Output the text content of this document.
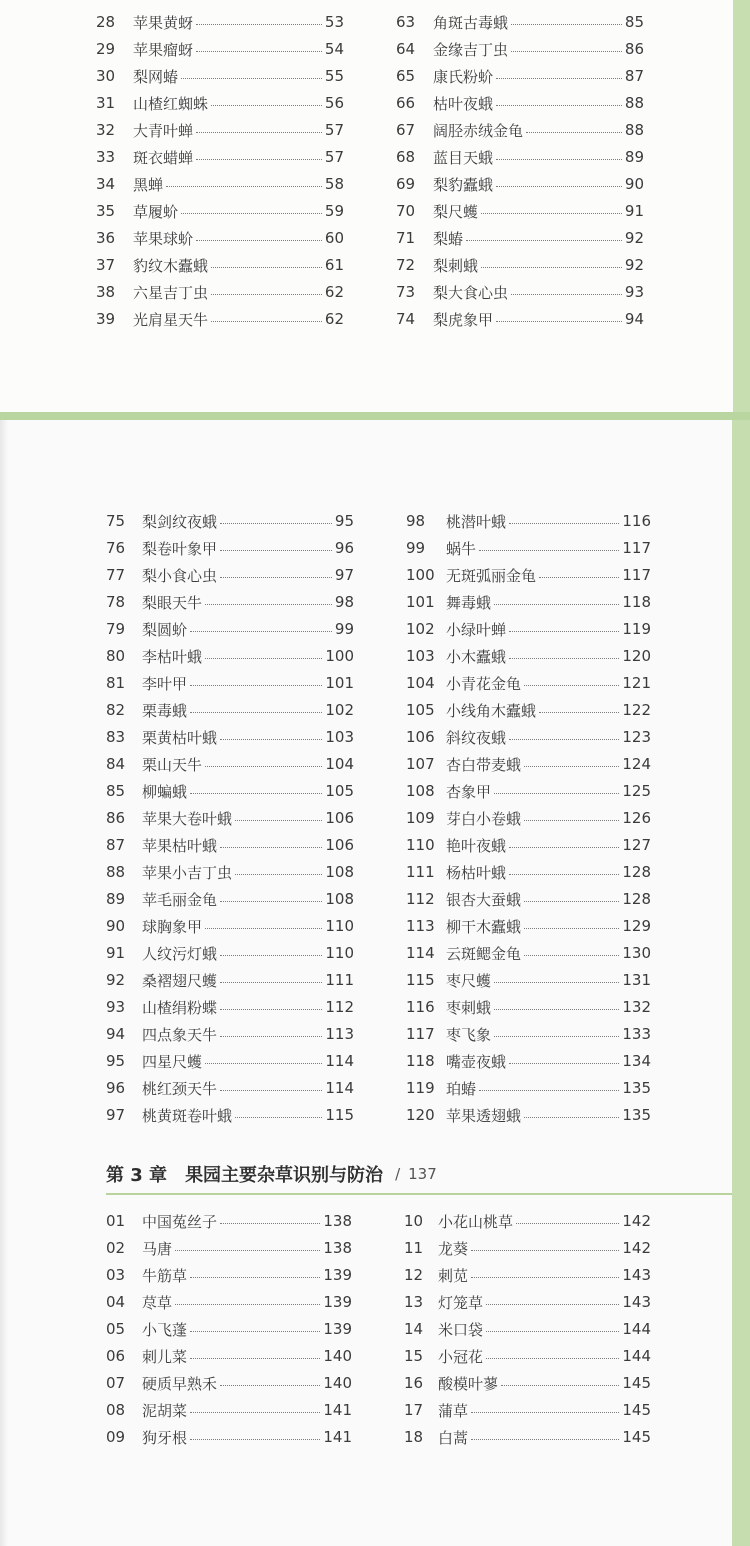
28	苹果黄蚜	53
29	苹果瘤蚜	54
30	梨网蝽	55
31	山楂红蜘蛛	56
32	大青叶蝉	57
33	斑衣蜡蝉	57
34	黑蝉	58
35	草履蚧	59
36	苹果球蚧	60
37	豹纹木蠹蛾	61
38	六星吉丁虫	62
39	光肩星天牛	62
63	角斑古毒蛾	85
64	金缘吉丁虫	86
65	康氏粉蚧	87
66	枯叶夜蛾	88
67	阔胫赤绒金龟	88
68	蓝目天蛾	89
69	梨豹蠹蛾	90
70	梨尺蠖	91
71	梨蝽	92
72	梨刺蛾	92
73	梨大食心虫	93
74	梨虎象甲	94
75	梨剑纹夜蛾	95
76	梨卷叶象甲	96
77	梨小食心虫	97
78	梨眼天牛	98
79	梨圆蚧	99
80	李枯叶蛾	100
81	李叶甲	101
82	栗毒蛾	102
83	栗黄枯叶蛾	103
84	栗山天牛	104
85	柳蝙蛾	105
86	苹果大卷叶蛾	106
87	苹果枯叶蛾	106
88	苹果小吉丁虫	108
89	苹毛丽金龟	108
90	球胸象甲	110
91	人纹污灯蛾	110
92	桑褶翅尺蠖	111
93	山楂绢粉蝶	112
94	四点象天牛	113
95	四星尺蠖	114
96	桃红颈天牛	114
97	桃黄斑卷叶蛾	115
98	桃潜叶蛾	116
99	蜗牛	117
100 无斑弧丽金龟	117
101 舞毒蛾	118
102 小绿叶蝉	119
103 小木蠹蛾	120
104 小青花金龟	121
105 小线角木蠹蛾	122
106 斜纹夜蛾	123
107 杏白带麦蛾	124
108 杏象甲	125
109 芽白小卷蛾	126
110 艳叶夜蛾	127
111 杨枯叶蛾	128
112 银杏大蚕蛾	128
113 柳干木蠹蛾	129
114 云斑鳃金龟	130
115 枣尺蠖	131
116 枣刺蛾	132
117 枣飞象	133
118 嘴壶夜蛾	134
119 珀蝽	135
120 苹果透翅蛾	135
01	中国菟丝子	138
02	马唐	138
03	牛筋草	139
04	荩草	139
05	小飞蓬	139
06	刺儿菜	140
07	硬质早熟禾	140
08	泥胡菜	141
09	狗牙根	141
10 小花山桃草	142
11 龙葵	142
12 刺苋	143
13 灯笼草	143
14 米口袋	144
15 小冠花	144
16 酸模叶蓼	145
17 蒲草	145
18 白蒿	145
第 3 章 果园主要杂草识别与防治 / 137
